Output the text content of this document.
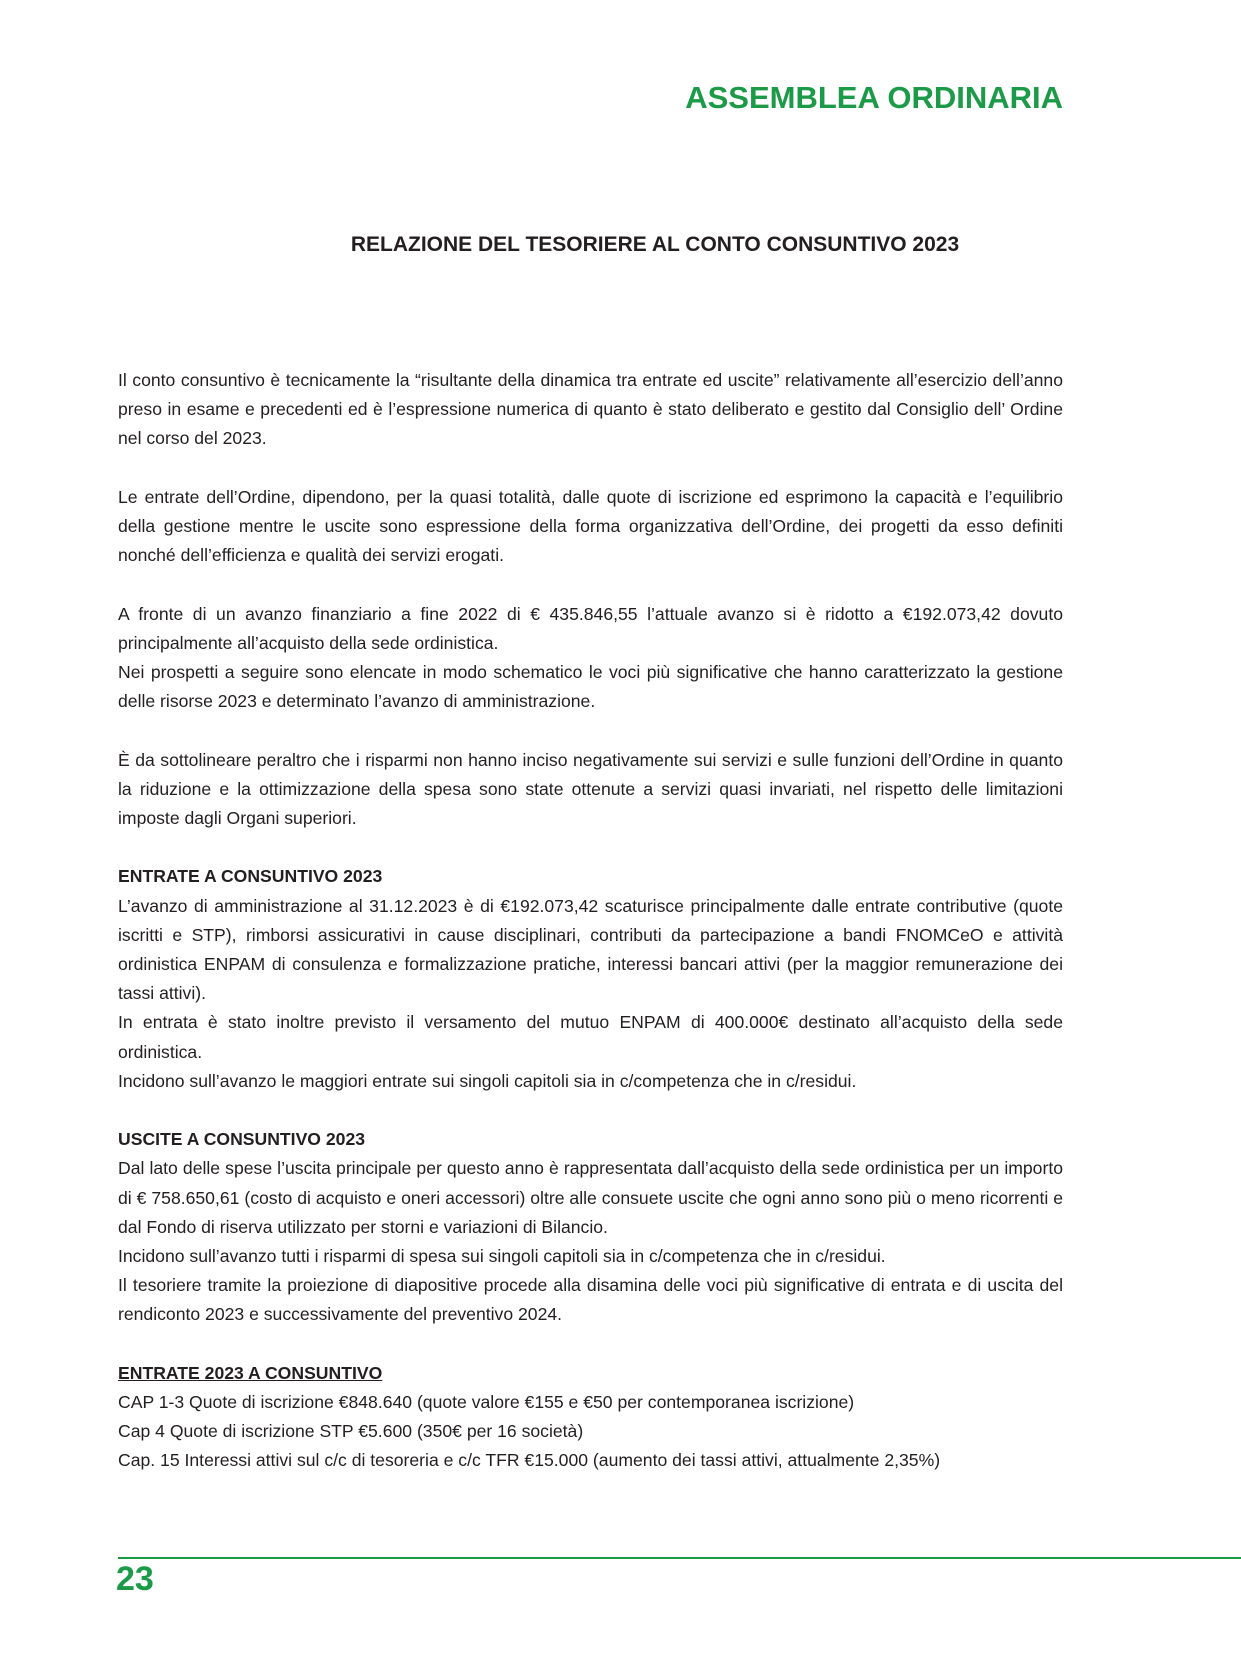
ASSEMBLEA ORDINARIA
RELAZIONE DEL TESORIERE AL CONTO CONSUNTIVO 2023

Il conto consuntivo è tecnicamente la “risultante della dinamica tra entrate ed uscite” relativamente all’esercizio dell’anno preso in esame e precedenti ed è l’espressione numerica di quanto è stato deliberato e gestito dal Consiglio dell’ Ordine nel corso del 2023.

Le entrate dell’Ordine, dipendono, per la quasi totalità, dalle quote di iscrizione ed esprimono la capacità e l’equilibrio della gestione mentre le uscite sono espressione della forma organizzativa dell’Ordine, dei progetti da esso definiti nonché dell’efficienza e qualità dei servizi erogati.

A fronte di un avanzo finanziario a fine 2022 di € 435.846,55 l’attuale avanzo si è ridotto a €192.073,42 dovuto principalmente all’acquisto della sede ordinistica.

Nei prospetti a seguire sono elencate in modo schematico le voci più significative che hanno caratterizzato la gestione delle risorse 2023 e determinato l’avanzo di amministrazione.

È da sottolineare peraltro che i risparmi non hanno inciso negativamente sui servizi e sulle funzioni dell’Ordine in quanto la riduzione e la ottimizzazione della spesa sono state ottenute a servizi quasi invariati, nel rispetto delle limitazioni imposte dagli Organi superiori.

ENTRATE A CONSUNTIVO 2023

L’avanzo di amministrazione al 31.12.2023 è di €192.073,42 scaturisce principalmente dalle entrate contributive (quote iscritti e STP), rimborsi assicurativi in cause disciplinari, contributi da partecipazione a bandi FNOMCeO e attività ordinistica ENPAM di consulenza e formalizzazione pratiche, interessi bancari attivi (per la maggior remunerazione dei tassi attivi).

In entrata è stato inoltre previsto il versamento del mutuo ENPAM di 400.000€ destinato all’acquisto della sede ordinistica.

Incidono sull’avanzo le maggiori entrate sui singoli capitoli sia in c/competenza che in c/residui.

USCITE A CONSUNTIVO 2023

Dal lato delle spese l’uscita principale per questo anno è rappresentata dall’acquisto della sede ordinistica per un importo di € 758.650,61 (costo di acquisto e oneri accessori) oltre alle consuete uscite che ogni anno sono più o meno ricorrenti e dal Fondo di riserva utilizzato per storni e variazioni di Bilancio.

Incidono sull’avanzo tutti i risparmi di spesa sui singoli capitoli sia in c/competenza che in c/residui.

Il tesoriere tramite la proiezione di diapositive procede alla disamina delle voci più significative di entrata e di uscita del rendiconto 2023 e successivamente del preventivo 2024.

ENTRATE 2023 A CONSUNTIVO

CAP 1-3 Quote di iscrizione €848.640 (quote valore €155 e €50 per contemporanea iscrizione)

Cap 4 Quote di iscrizione STP €5.600 (350€ per 16 società)

Cap. 15 Interessi attivi sul c/c di tesoreria e c/c TFR €15.000 (aumento dei tassi attivi, attualmente 2,35%)

23
